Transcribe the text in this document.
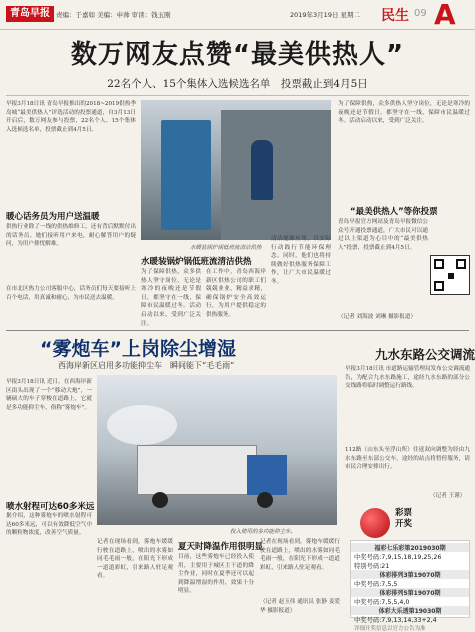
青岛早报 责编：于嘉如 美编：申帅 审读：钱玉刚	2019年3月19日 星期二 民生 09 A
数万网友点赞“最美供热人”
22名个人、15个集体入选候选名单　投票截止到4月5日
早报3月18日讯 青岛早报推出的2018~2019供热季岛城“最美供热人”评选活动的投票通道，自3月13日开启后，数万网友参与投票，22名个人、15个集体入选候选名单，投票截止到4月5日。
暖心话务员为用户送温暖
供热行业除了一线的供热维修工，还有背后默默付出的话务员。她们接听用户来电，耐心解答用户的疑问，为用户排忧解难。
在市北区热力公司客服中心，话务员们每天要接听上百个电话，用真诚和耐心，为市民送去温暖。
水暖装锅炉锅低班流清洁供热
水暖装锅炉锅低班流清洁供热
为了保障供热，众多供热人坚守岗位，无论是寒冷的夜晚还是节假日，都坚守在一线，保障市民温暖过冬。活动启动以来，受到广泛关注。
在工作中，青岛西海岸新区供热公司的职工们兢兢业业，精益求精，确保锅炉安全高效运行，为用户提供稳定的供热服务。
清洁能源应用，以实际行动践行节能环保理念。同时，他们也将持续做好供热服务保障工作，让广大市民温暖过冬。
为了保障供热，众多供热人坚守岗位，无论是寒冷的夜晚还是节假日，都坚守在一线，保障市民温暖过冬。活动启动以来，受到广泛关注。
“最美供热人”等你投票
青岛早报官方网站及青岛早报微信公众号开通投票通道，广大市民可以通过以上渠道为心目中的“最美供热人”投票，投票截止到4月5日。
（记者 刘海波 刘琳 摄影报道）
“雾炮车”上岗除尘增湿
西海岸新区启用多功能抑尘车　瞬间能下“毛毛雨”
早报3月18日讯 近日，在西海岸新区街头出现了一个“移动大炮”，一辆硕大的车子穿梭在道路上，它就是多功能抑尘车，俗称“雾炮车”。
喷水射程可达60多米远
据介绍，这种雾炮车的喷水射程可达60多米远，可以有效降低空气中的颗粒物浓度，改善空气质量。	投入使用的多功能抑尘车。
记者在现场看到，雾炮车缓缓行驶在道路上，喷出的水雾如同毛毛雨一般，在阳光下形成一道道彩虹，引来路人驻足观看。
夏天时降温作用很明显
目前，这些雾炮车已经投入使用，主要用于城区主干道的降尘作业，同时在夏季还可以起到降温增湿的作用，效果十分明显。
记者在现场看到，雾炮车缓缓行驶在道路上，喷出的水雾如同毛毛雨一般，在阳光下形成一道道彩虹，引来路人驻足观看。
（记者 赵玉伟 通讯员 张静 姜爱华 摄影报道）
九水东路公交调流
早报3月18日讯 市道路运输管理局发布公交调流通告，为配合九水东路施工，途经九水东路的部分公交线路将临时调整运行路线。
112路（山东头至浮山所）往返双向调整为经由九水东路至东部公交车，途经的站点将暂停服务，请市民合理安排出行。
（记者 王谨）
彩票开奖
福彩七乐彩第2019030期
中奖号码:7,9,15,18,19,25,26
特别号码:21
体彩排列3第19070期
中奖号码:7,5,5
体彩排列5第19070期
中奖号码:7,5,5,4,0
体彩大乐透第19030期
中奖号码:7,9,13,14,33+2,4
详细开奖信息以官方公告为准
